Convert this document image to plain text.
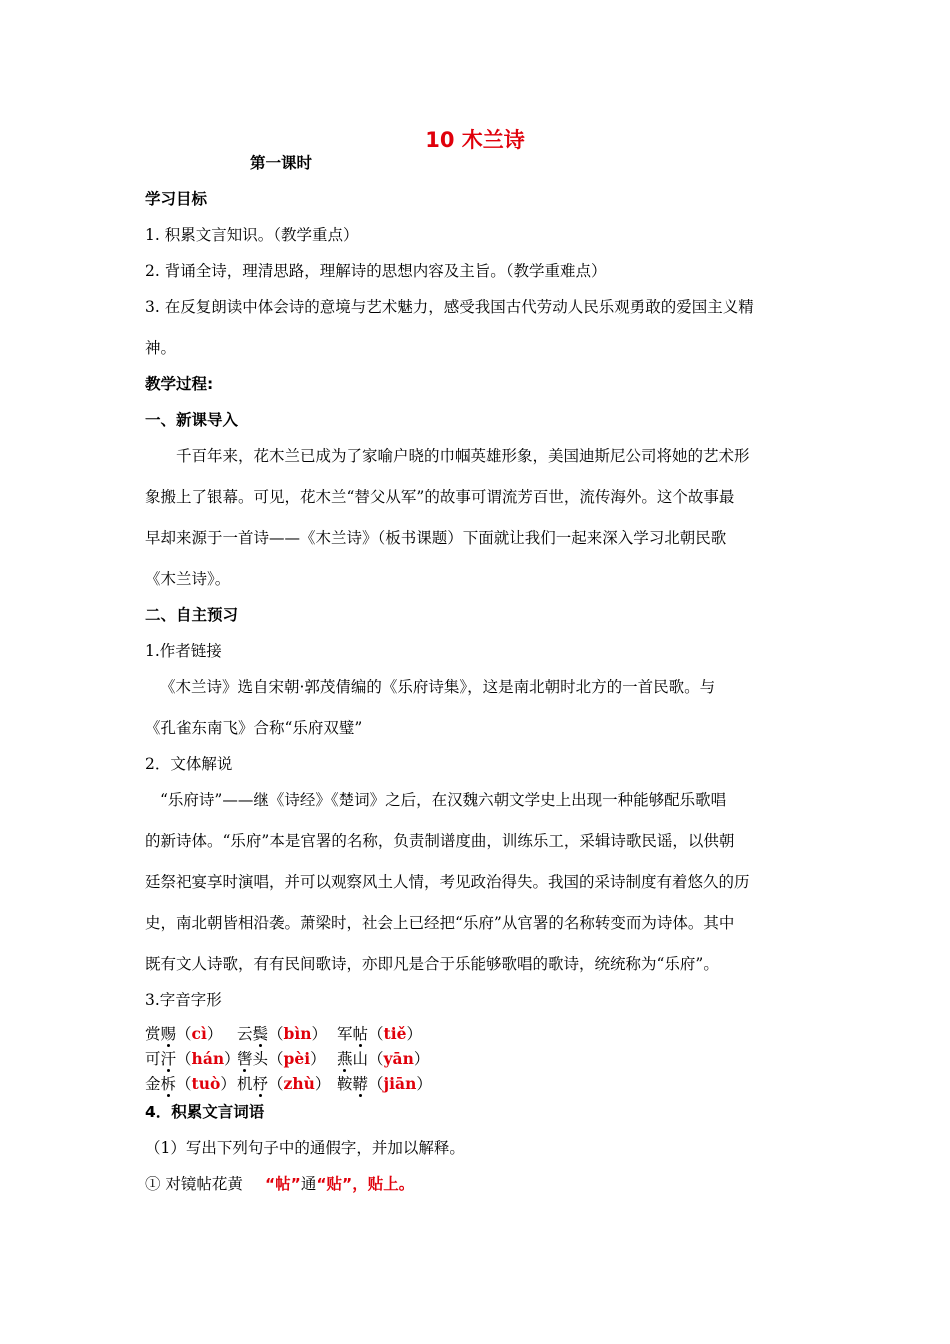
10 木兰诗
第一课时
学习目标
1. 积累文言知识。（教学重点）
2. 背诵全诗，理清思路，理解诗的思想内容及主旨。（教学重难点）
3. 在反复朗读中体会诗的意境与艺术魅力，感受我国古代劳动人民乐观勇敢的爱国主义精
神。
教学过程:
一、新课导入
千百年来，花木兰已成为了家喻户晓的巾帼英雄形象，美国迪斯尼公司将她的艺术形
象搬上了银幕。可见，花木兰“替父从军”的故事可谓流芳百世，流传海外。这个故事最
早却来源于一首诗——《木兰诗》（板书课题）下面就让我们一起来深入学习北朝民歌
《木兰诗》。
二、自主预习
1.作者链接
《木兰诗》选自宋朝·郭茂倩编的《乐府诗集》，这是南北朝时北方的一首民歌。与
《孔雀东南飞》合称“乐府双璧”
2．文体解说
“乐府诗”——继《诗经》《楚词》之后，在汉魏六朝文学史上出现一种能够配乐歌唱
的新诗体。“乐府”本是官署的名称，负责制谱度曲，训练乐工，采辑诗歌民谣，以供朝
廷祭祀宴享时演唱，并可以观察风土人情，考见政治得失。我国的采诗制度有着悠久的历
史，南北朝皆相沿袭。萧梁时，社会上已经把“乐府”从官署的名称转变而为诗体。其中
既有文人诗歌，有有民间歌诗，亦即凡是合于乐能够歌唱的歌诗，统统称为“乐府”。
3.字音字形
赏赐（cì） 云鬓（bìn） 军帖（tiě）
可汗（hán）
辔头（pèi） 燕山（yān）
金柝（tuò） 机杼（zhù） 鞍鞯（jiān）
4．积累文言词语
（1）写出下列句子中的通假字，并加以解释。
① 对镜帖花黄 “帖”通“贴”，贴上。
